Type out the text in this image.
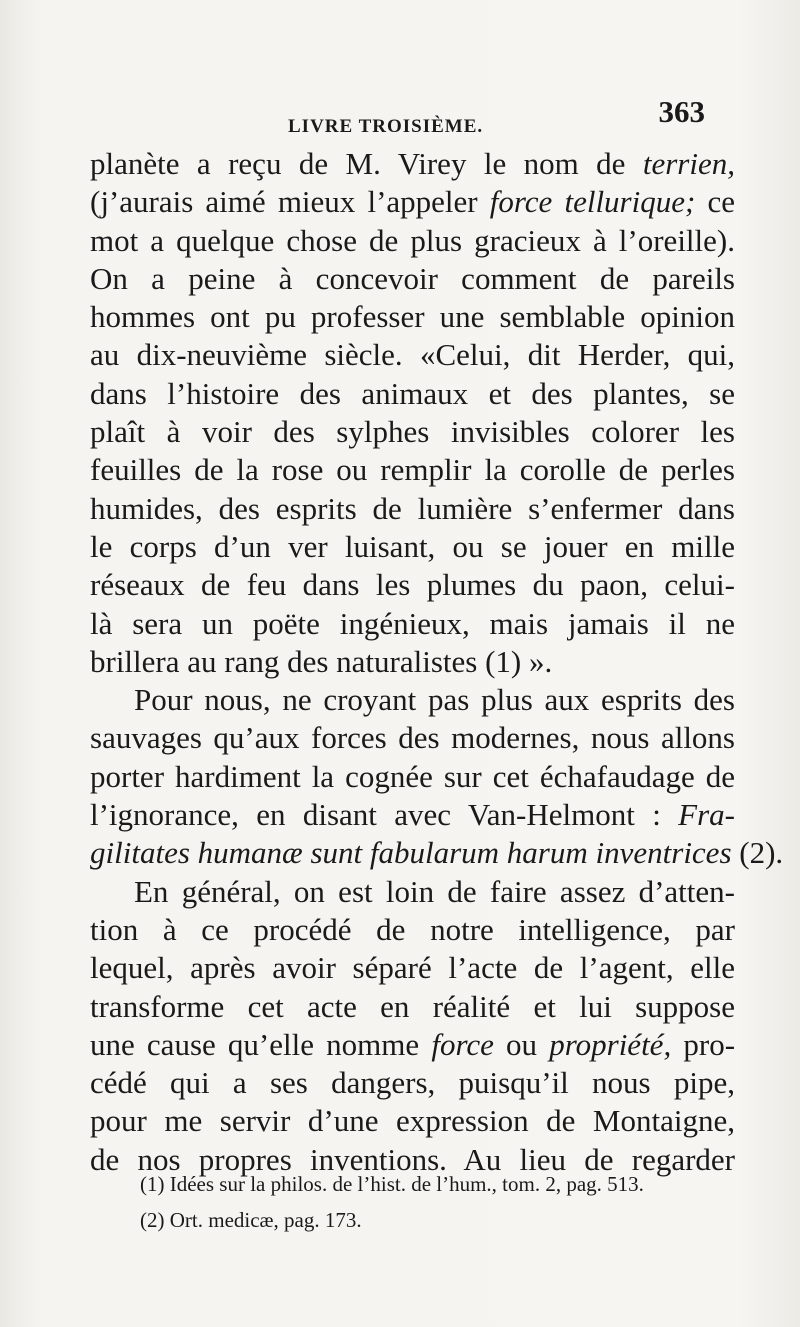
LIVRE TROISIÈME.	363
planète a reçu de M. Virey le nom de terrien,
(j’aurais aimé mieux l’appeler force tellurique; ce
mot a quelque chose de plus gracieux à l’oreille).
On a peine à concevoir comment de pareils
hommes ont pu professer une semblable opinion
au dix-neuvième siècle. «Celui, dit Herder, qui,
dans l’histoire des animaux et des plantes, se
plaît à voir des sylphes invisibles colorer les
feuilles de la rose ou remplir la corolle de perles
humides, des esprits de lumière s’enfermer dans
le corps d’un ver luisant, ou se jouer en mille
réseaux de feu dans les plumes du paon, celui-
là sera un poëte ingénieux, mais jamais il ne
brillera au rang des naturalistes (1) ».
Pour nous, ne croyant pas plus aux esprits des
sauvages qu’aux forces des modernes, nous allons
porter hardiment la cognée sur cet échafaudage de
l’ignorance, en disant avec Van-Helmont : Fra-
gilitates humanæ sunt fabularum harum inventrices (2).
En général, on est loin de faire assez d’atten-
tion à ce procédé de notre intelligence, par
lequel, après avoir séparé l’acte de l’agent, elle
transforme cet acte en réalité et lui suppose
une cause qu’elle nomme force ou propriété, pro-
cédé qui a ses dangers, puisqu’il nous pipe,
pour me servir d’une expression de Montaigne,
de nos propres inventions. Au lieu de regarder
(1) Idées sur la philos. de l’hist. de l’hum., tom. 2, pag. 513.
(2) Ort. medicæ, pag. 173.
